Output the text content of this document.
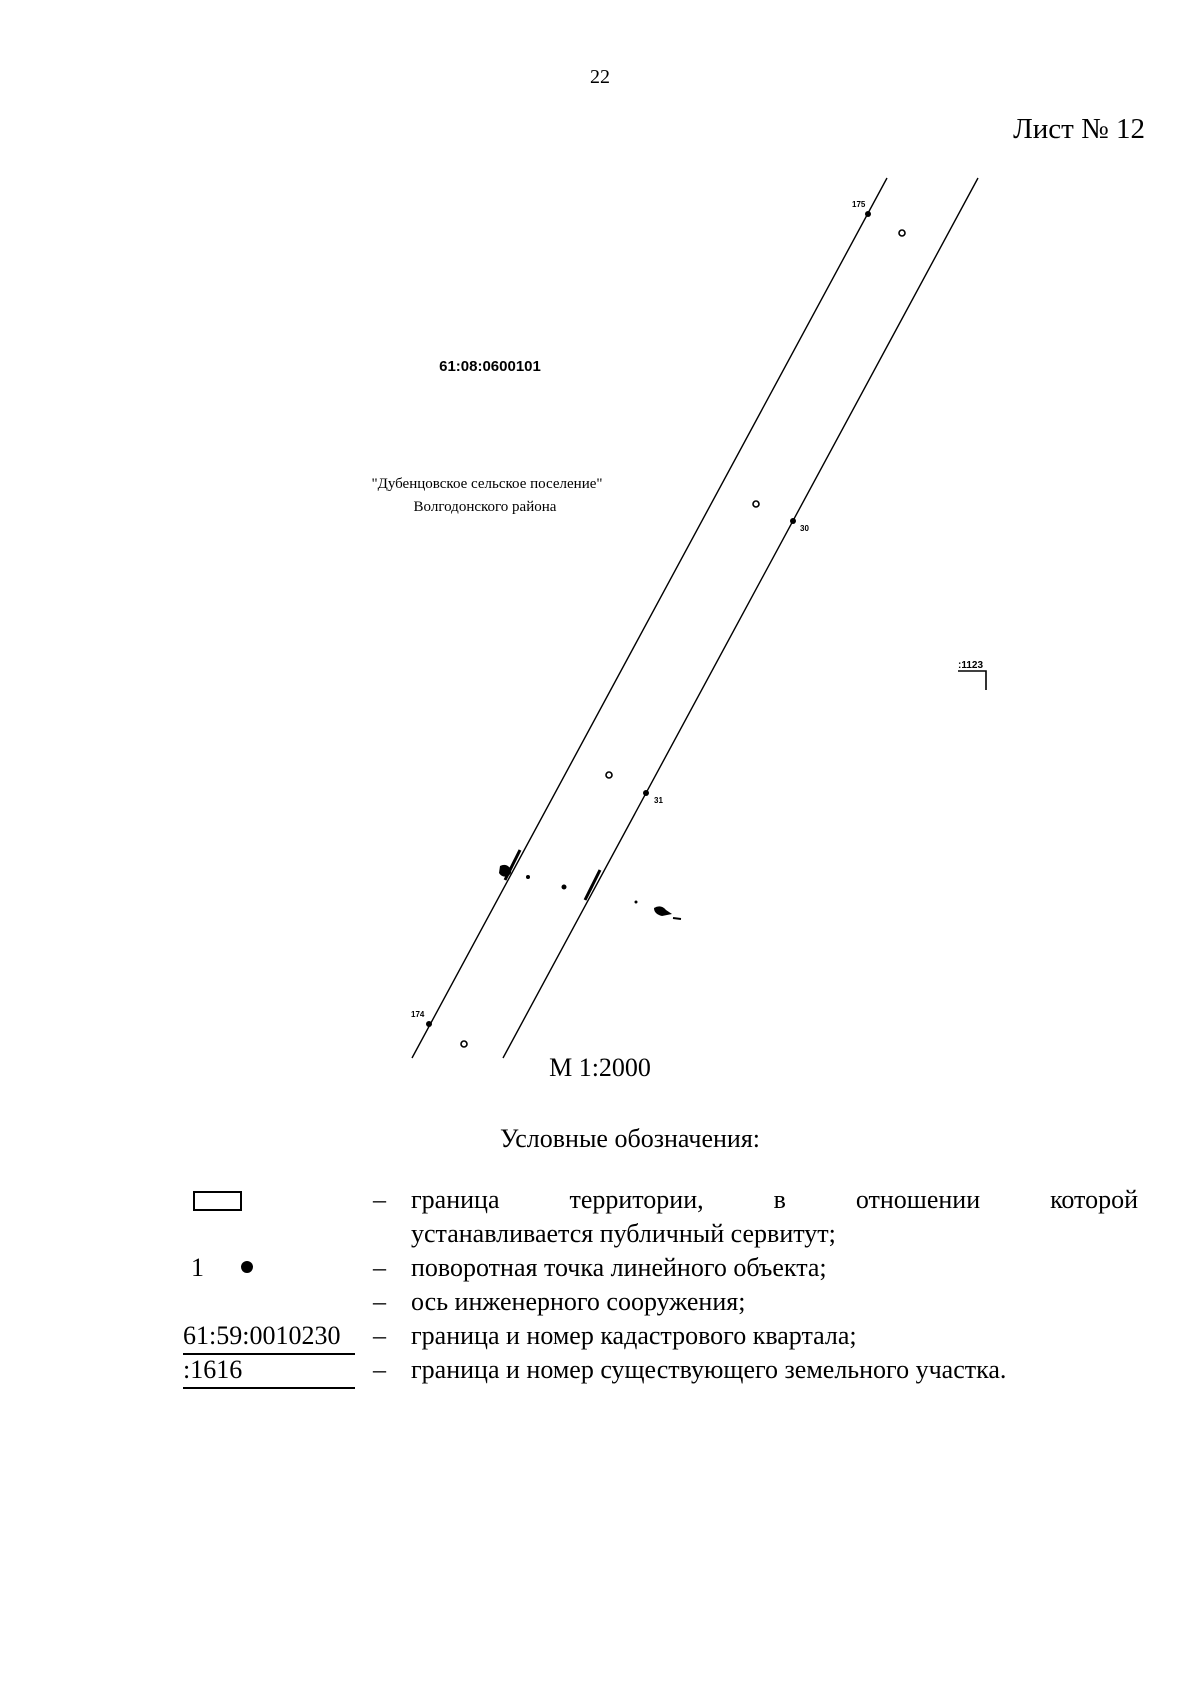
22
Лист № 12
175
30
31
174
61:08:0600101
"Дубенцовское сельское поселение"
Волгодонского района
:1123
М 1:2000
Условные обозначения:
– граница территории, в отношении которой
устанавливается публичный сервитут;
1	– поворотная точка линейного объекта;
– ось инженерного сооружения;
61:59:0010230	– граница и номер кадастрового квартала;
:1616	– граница и номер существующего земельного участка.
